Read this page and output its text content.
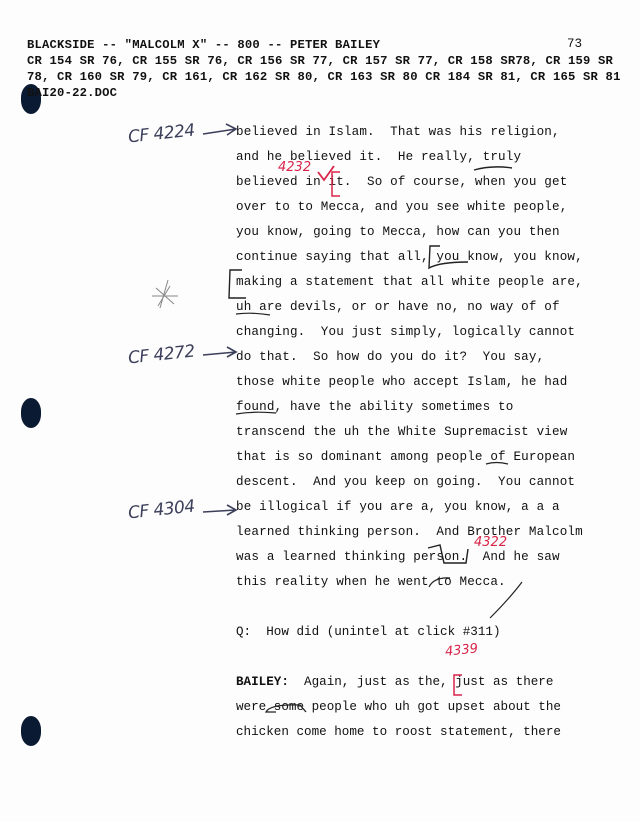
BLACKSIDE -- "MALCOLM X" -- 800 -- PETER BAILEY	73
CR 154 SR 76, CR 155 SR 76, CR 156 SR 77, CR 157 SR 77, CR 158 SR78, CR 159 SR
78, CR 160 SR 79, CR 161, CR 162 SR 80, CR 163 SR 80 CR 184 SR 81, CR 165 SR 81
BAI20-22.DOC
believed in Islam.  That was his religion,
and he believed it.  He really, truly
believed in it.  So of course, when you get
over to to Mecca, and you see white people,
you know, going to Mecca, how can you then
continue saying that all, you know, you know,
making a statement that all white people are,
uh are devils, or or have no, no way of of
changing.  You just simply, logically cannot
do that.  So how do you do it?  You say,
those white people who accept Islam, he had
found, have the ability sometimes to
transcend the uh the White Supremacist view
that is so dominant among people of European
descent.  And you keep on going.  You cannot
be illogical if you are a, you know, a a a
learned thinking person.  And Brother Malcolm
was a learned thinking person.  And he saw
this reality when he went to Mecca.
Q:  How did (unintel at click #311)
BAILEY:  Again, just as the, just as there
were some people who uh got upset about the
chicken come home to roost statement, there
CF 4224
CF 4272
CF 4304
4232
4322
4339
